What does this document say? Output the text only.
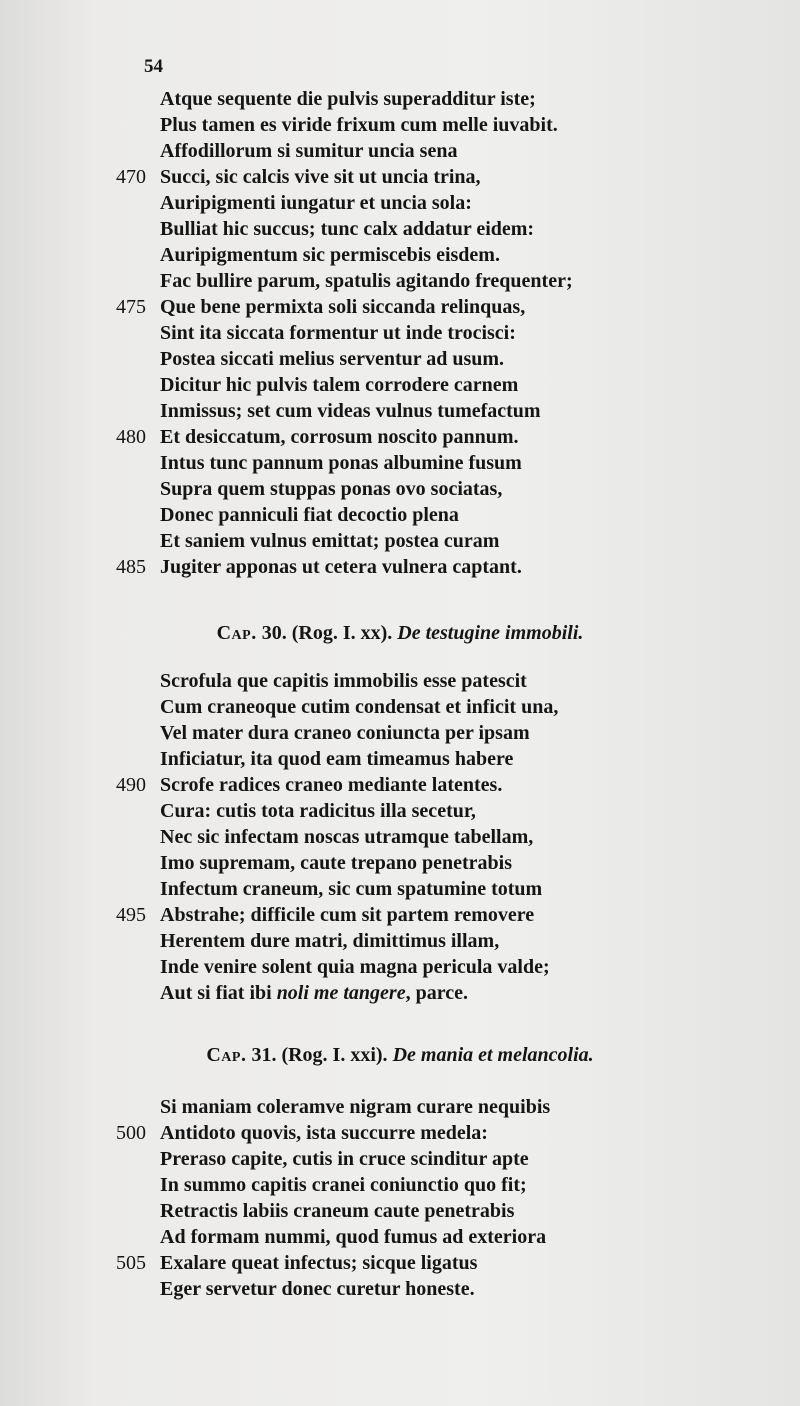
54
Atque sequente die pulvis superadditur iste;
Plus tamen es viride frixum cum melle iuvabit.
Affodillorum si sumitur uncia sena
470 Succi, sic calcis vive sit ut uncia trina,
Auripigmenti iungatur et uncia sola:
Bulliat hic succus; tunc calx addatur eidem:
Auripigmentum sic permiscebis eisdem.
Fac bullire parum, spatulis agitando frequenter;
475 Que bene permixta soli siccanda relinquas,
Sint ita siccata formentur ut inde trocisci:
Postea siccati melius serventur ad usum.
Dicitur hic pulvis talem corrodere carnem
Inmissus; set cum videas vulnus tumefactum
480 Et desiccatum, corrosum noscito pannum.
Intus tunc pannum ponas albumine fusum
Supra quem stuppas ponas ovo sociatas,
Donec panniculi fiat decoctio plena
Et saniem vulnus emittat; postea curam
485 Jugiter apponas ut cetera vulnera captant.
Cap. 30. (Rog. I. xx). De testugine immobili.
Scrofula que capitis immobilis esse patescit
Cum craneoque cutim condensat et inficit una,
Vel mater dura craneo coniuncta per ipsam
Inficiatur, ita quod eam timeamus habere
490 Scrofe radices craneo mediante latentes.
Cura: cutis tota radicitus illa secetur,
Nec sic infectam noscas utramque tabellam,
Imo supremam, caute trepano penetrabis
Infectum craneum, sic cum spatumine totum
495 Abstrahe; difficile cum sit partem removere
Herentem dure matri, dimittimus illam,
Inde venire solent quia magna pericula valde;
Aut si fiat ibi noli me tangere, parce.
Cap. 31. (Rog. I. xxi). De mania et melancolia.
Si maniam coleramve nigram curare nequibis
500 Antidoto quovis, ista succurre medela:
Preraso capite, cutis in cruce scinditur apte
In summo capitis cranei coniunctio quo fit;
Retractis labiis craneum caute penetrabis
Ad formam nummi, quod fumus ad exteriora
505 Exalare queat infectus; sicque ligatus
Eger servetur donec curetur honeste.
